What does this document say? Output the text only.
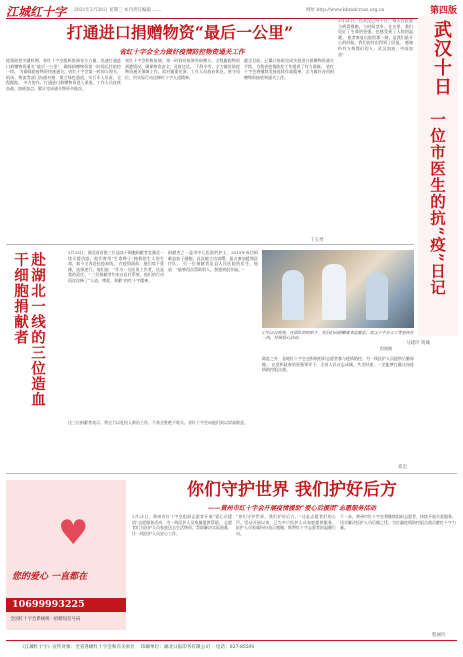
江城红十字 2021年2月28日 星期三 本刊责任编辑 ……	网址 http://www.hbredcross.org.cn	第四版
打通进口捐赠物资“最后一公里”
省红十字会全力做好疫情防控物资通关工作
疫情防控关键时期，省红十字会组织协调各方力量，迅速打通进口捐赠物资通关“最后一公里”，确保捐赠物资第一时间运往防控一线。 为确保防疫物资快速通关，省红十字会第一时间与海关、机场、物流等部门沟通对接，建立绿色通道，实行专人负责、全程跟踪。 多方协作，打通进口捐赠物资进入渠道。工作人员连续奋战，加班加点，累计完成通关物资多批次。
省红十字会积极协调，第一时间对接海外捐赠方，全程跟踪物资到港情况，确保物资安全、及时送达。 不辞辛劳，全力做好防疫物资通关保障工作。面对繁重任务，工作人员放弃休息，坚守岗位，用实际行动诠释红十字人道精神。
截至目前，已累计协助完成多批进口捐赠物资通关手续，为我省疫情防控工作提供了有力保障。 省红十字会将继续发扬连续作战精神，全力做好各项捐赠物资接收和通关工作。
丁玉琴
2月21日，在武汉已经十日，每天在医院与病毒赛跑，与时间竞争。在这里，我们见证了生命的坚强，也感受到了人间的温暖。 患者康复出院的那一刻，是我们最开心的时候。我们的付出得到了回报。 感谢所有支持我们的人，武汉加油，中国加油！	武汉十日
一位市医生的抗“疫”日记
马建玲 筑城
赴湖北一线的三位造血干细胞捐献者	2月25日，湖北省首批三位造血干细胞捐献者赴湖北一线支援抗疫。他们曾用“生命种子”挽救陌生人的生命，如今又奔赴抗疫前线。 在疫情面前，他们毫不犹豫，选择逆行。他们说：“作为一名医务工作者，这是我的责任。” 三位捐献者均来自医疗系统，他们的行动再次诠释了“人道、博爱、奉献”的红十字精神。
捐献者之一是市中心医院的护士，2019年成功捐献造血干细胞。此次她主动请缨，报名参加援鄂医疗队。 另一位捐献者是县人民医院的医生，他说：“能够再次帮助别人，我感到很幸福。”
2月25日疫情，在团队的组织下，党员们向捐赠者表达敬意；武汉十字会义工等坚持在一线，开展爱心活动。
程媛摄
这三位捐献者表示，将全力以赴投入救治工作，不获全胜绝不收兵。省红十字会向他们致以崇高敬意。
除此之外，各地红十字会也积极组织志愿者参与疫情防控，为一线医护人员提供后勤保障。 在党和政府的坚强领导下，全省人民众志成城，共克时艰，一定能够打赢这场疫情防控阻击战。
邓宏
你们守护世界 我们护好后方
——黄州市红十字会开展疫情援助“爱心后援团”志愿服务活动
您的爱心 一直都在
♥
10699993225
全国红十字会系统统一捐赠短信号码
2月21日，黄州市红十字会组织志愿者开展“爱心后援团”志愿服务活动，为一线医护人员家属提供帮助。 志愿者们为医护人员家庭送去生活物资，帮助解决实际困难，让一线医护人员安心工作。
“你们守护世界，我们护好后方。”这是志愿者们的心声。活动开展以来，已为多户医护人员家庭提供服务。 医护人员家属纷纷表示感谢，称赞红十字志愿者的温暖行动。
下一步，黄州市红十字会将继续组织志愿者，持续开展关爱服务，切实解决医护人员后顾之忧，为打赢疫情防控阻击战贡献红十字力量。
程丽玲
《江城红十字》宣传对象：全省各级红十字会和有关单位 　印刷单位：湖北日报印务有限公司 　电话：027-85591
